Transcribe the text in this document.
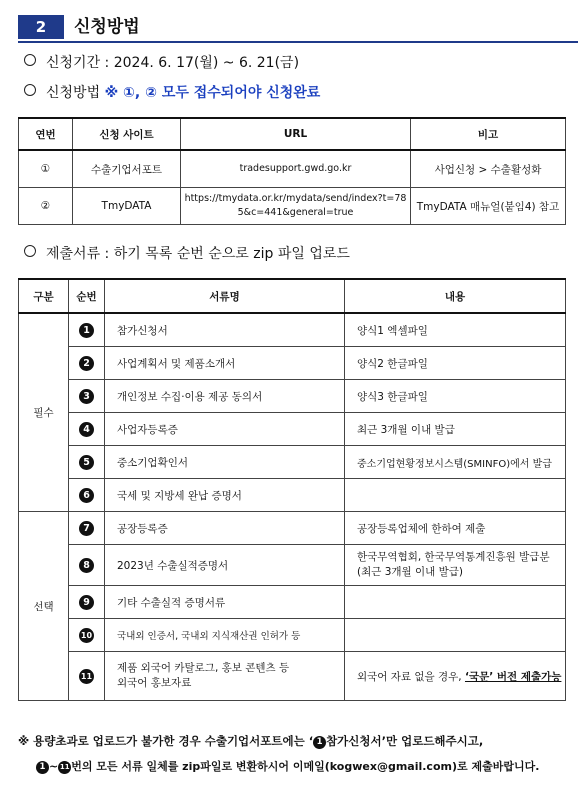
2	신청방법
신청기간 : 2024. 6. 17(월) ~ 6. 21(금)
신청방법 ※ ①, ② 모두 접수되어야 신청완료
연번	신청 사이트	URL	비고
①	수출기업서포트	tradesupport.gwd.go.kr	사업신청 > 수출활성화
②	TmyDATA	https://tmydata.or.kr/mydata/send/index?t=785&c=441&general=true	TmyDATA 매뉴얼(붙임4) 참고
제출서류 : 하기 목록 순번 순으로 zip 파일 업로드
구분	순번	서류명	내용
필수	1	참가신청서	양식1 엑셀파일
	2	사업계획서 및 제품소개서	양식2 한글파일
	3	개인정보 수집·이용 제공 동의서	양식3 한글파일
	4	사업자등록증	최근 3개월 이내 발급
	5	중소기업확인서	중소기업현황정보시스템(SMINFO)에서 발급
	6	국세 및 지방세 완납 증명서	
선택	7	공장등록증	공장등록업체에 한하여 제출
	8	2023년 수출실적증명서	한국무역협회, 한국무역통계진흥원 발급분 (최근 3개월 이내 발급)
	9	기타 수출실적 증명서류	
	10	국내외 인증서, 국내외 지식재산권 인허가 등	
	11	제품 외국어 카탈로그, 홍보 콘텐츠 등 외국어 홍보자료	외국어 자료 없을 경우, ‘국문’ 버전 제출가능
※ 용량초과로 업로드가 불가한 경우 수출기업서포트에는 ‘ 1 참가신청서’만 업로드해주시고,
1 ~ 11 번의 모든 서류 일체를 zip파일로 변환하시어 이메일(kogwex@gmail.com)로 제출바랍니다.
